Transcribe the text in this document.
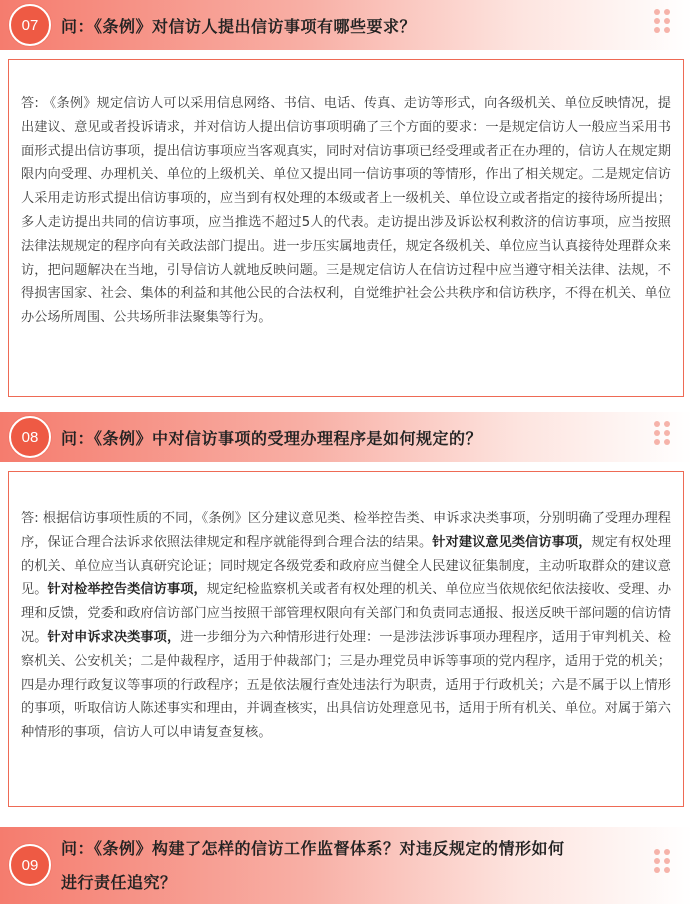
07	问：《条例》对信访人提出信访事项有哪些要求？
答: 《条例》规定信访人可以采用信息网络、书信、电话、传真、走访等形式，向各级机关、单位反映情况，提出建议、意见或者投诉请求，并对信访人提出信访事项明确了三个方面的要求：一是规定信访人一般应当采用书面形式提出信访事项，提出信访事项应当客观真实，同时对信访事项已经受理或者正在办理的，信访人在规定期限内向受理、办理机关、单位的上级机关、单位又提出同一信访事项的等情形，作出了相关规定。二是规定信访人采用走访形式提出信访事项的，应当到有权处理的本级或者上一级机关、单位设立或者指定的接待场所提出；多人走访提出共同的信访事项，应当推选不超过5人的代表。走访提出涉及诉讼权利救济的信访事项，应当按照法律法规规定的程序向有关政法部门提出。进一步压实属地责任，规定各级机关、单位应当认真接待处理群众来访，把问题解决在当地，引导信访人就地反映问题。三是规定信访人在信访过程中应当遵守相关法律、法规，不得损害国家、社会、集体的利益和其他公民的合法权利，自觉维护社会公共秩序和信访秩序，不得在机关、单位办公场所周围、公共场所非法聚集等行为。
08	问：《条例》中对信访事项的受理办理程序是如何规定的？
答: 根据信访事项性质的不同，《条例》区分建议意见类、检举控告类、申诉求决类事项，分别明确了受理办理程序，保证合理合法诉求依照法律规定和程序就能得到合理合法的结果。针对建议意见类信访事项，规定有权处理的机关、单位应当认真研究论证；同时规定各级党委和政府应当健全人民建议征集制度，主动听取群众的建议意见。针对检举控告类信访事项，规定纪检监察机关或者有权处理的机关、单位应当依规依纪依法接收、受理、办理和反馈，党委和政府信访部门应当按照干部管理权限向有关部门和负责同志通报、报送反映干部问题的信访情况。针对申诉求决类事项，进一步细分为六种情形进行处理：一是涉法涉诉事项办理程序，适用于审判机关、检察机关、公安机关；二是仲裁程序，适用于仲裁部门；三是办理党员申诉等事项的党内程序，适用于党的机关；四是办理行政复议等事项的行政程序；五是依法履行查处违法行为职责，适用于行政机关；六是不属于以上情形的事项，听取信访人陈述事实和理由，并调查核实，出具信访处理意见书，适用于所有机关、单位。对属于第六种情形的事项，信访人可以申请复查复核。
09
问：《条例》构建了怎样的信访工作监督体系？对违反规定的情形如何
进行责任追究？
